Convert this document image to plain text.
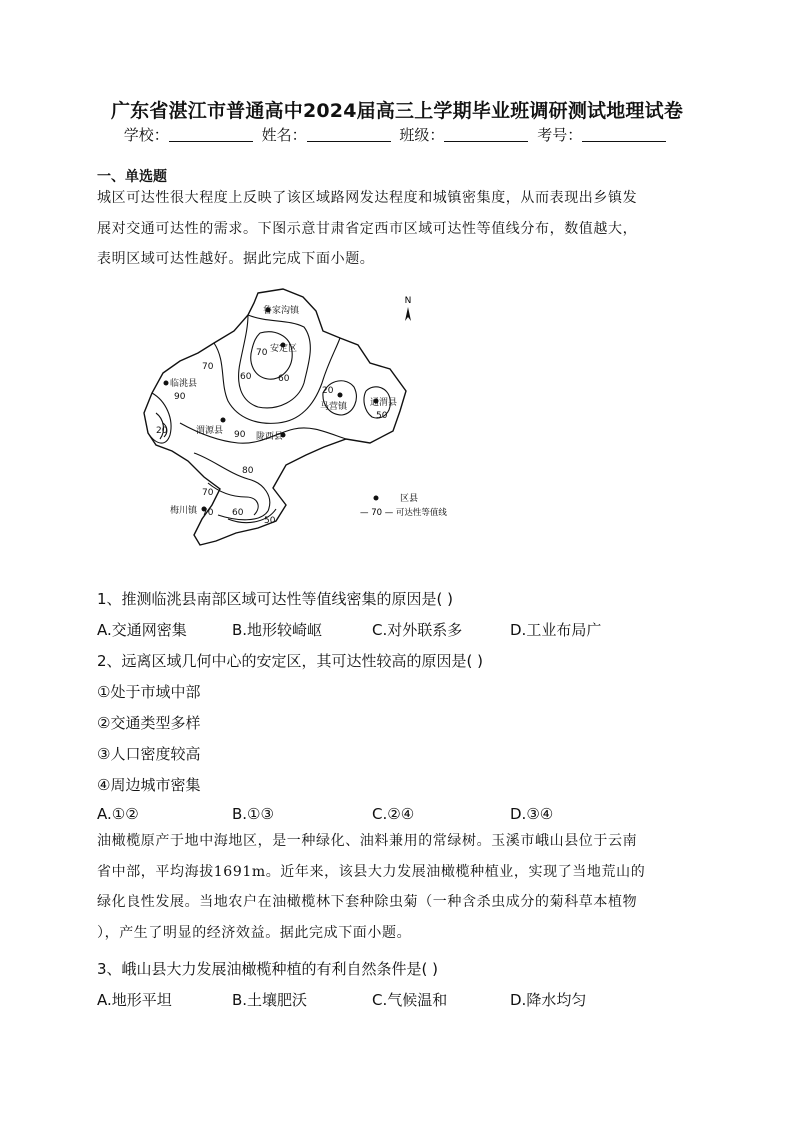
广东省湛江市普通高中2024届高三上学期毕业班调研测试地理试卷
学校：	姓名：	班级：	考号：
一、单选题
城区可达性很大程度上反映了该区域路网发达程度和城镇密集度，从而表现出乡镇发
展对交通可达性的需求。下图示意甘肃省定西市区域可达性等值线分布，数值越大，
表明区域可达性越好。据此完成下面小题。
N
鲁家沟镇
安定区
临洮县
渭源县
陇西县
马营镇	通渭县
梅川镇
70
60	60
70
90
20
20	90
80
70
70 60
50
50
区县
— 70 — 可达性等值线
1、推测临洮县南部区域可达性等值线密集的原因是( )
A.交通网密集	B.地形较崎岖	C.对外联系多	D.工业布局广
2、远离区域几何中心的安定区，其可达性较高的原因是( )
①处于市域中部
②交通类型多样
③人口密度较高
④周边城市密集
A.①②	B.①③	C.②④	D.③④
油橄榄原产于地中海地区，是一种绿化、油料兼用的常绿树。玉溪市峨山县位于云南
省中部，平均海拔1691m。近年来，该县大力发展油橄榄种植业，实现了当地荒山的
绿化良性发展。当地农户在油橄榄林下套种除虫菊（一种含杀虫成分的菊科草本植物
），产生了明显的经济效益。据此完成下面小题。
3、峨山县大力发展油橄榄种植的有利自然条件是( )
A.地形平坦	B.土壤肥沃	C.气候温和	D.降水均匀
